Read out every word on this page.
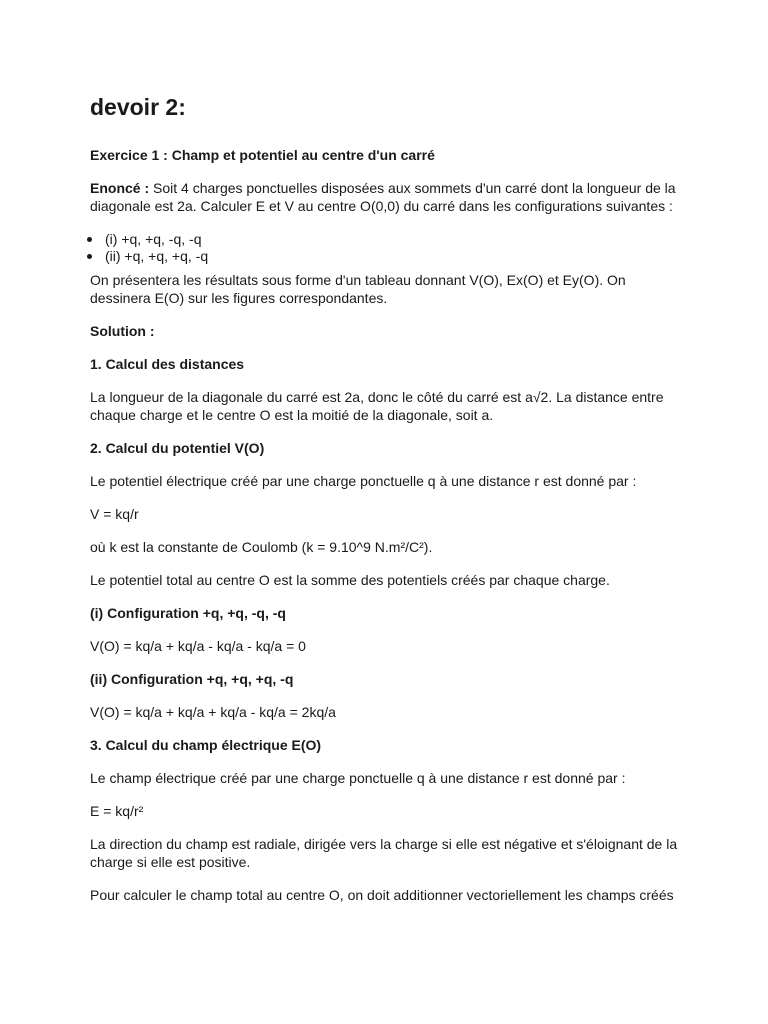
devoir 2:

Exercice 1 : Champ et potentiel au centre d'un carré

Enoncé : Soit 4 charges ponctuelles disposées aux sommets d'un carré dont la longueur de la diagonale est 2a. Calculer E et V au centre O(0,0) du carré dans les configurations suivantes :

(i) +q, +q, -q, -q
(ii) +q, +q, +q, -q

On présentera les résultats sous forme d'un tableau donnant V(O), Ex(O) et Ey(O). On dessinera E(O) sur les figures correspondantes.

Solution :

1. Calcul des distances

La longueur de la diagonale du carré est 2a, donc le côté du carré est a√2. La distance entre chaque charge et le centre O est la moitié de la diagonale, soit a.

2. Calcul du potentiel V(O)

Le potentiel électrique créé par une charge ponctuelle q à une distance r est donné par :

V = kq/r

où k est la constante de Coulomb (k = 9.10^9 N.m²/C²).

Le potentiel total au centre O est la somme des potentiels créés par chaque charge.

(i) Configuration +q, +q, -q, -q

V(O) = kq/a + kq/a - kq/a - kq/a = 0

(ii) Configuration +q, +q, +q, -q

V(O) = kq/a + kq/a + kq/a - kq/a = 2kq/a

3. Calcul du champ électrique E(O)

Le champ électrique créé par une charge ponctuelle q à une distance r est donné par :

E = kq/r²

La direction du champ est radiale, dirigée vers la charge si elle est négative et s'éloignant de la charge si elle est positive.

Pour calculer le champ total au centre O, on doit additionner vectoriellement les champs créés
